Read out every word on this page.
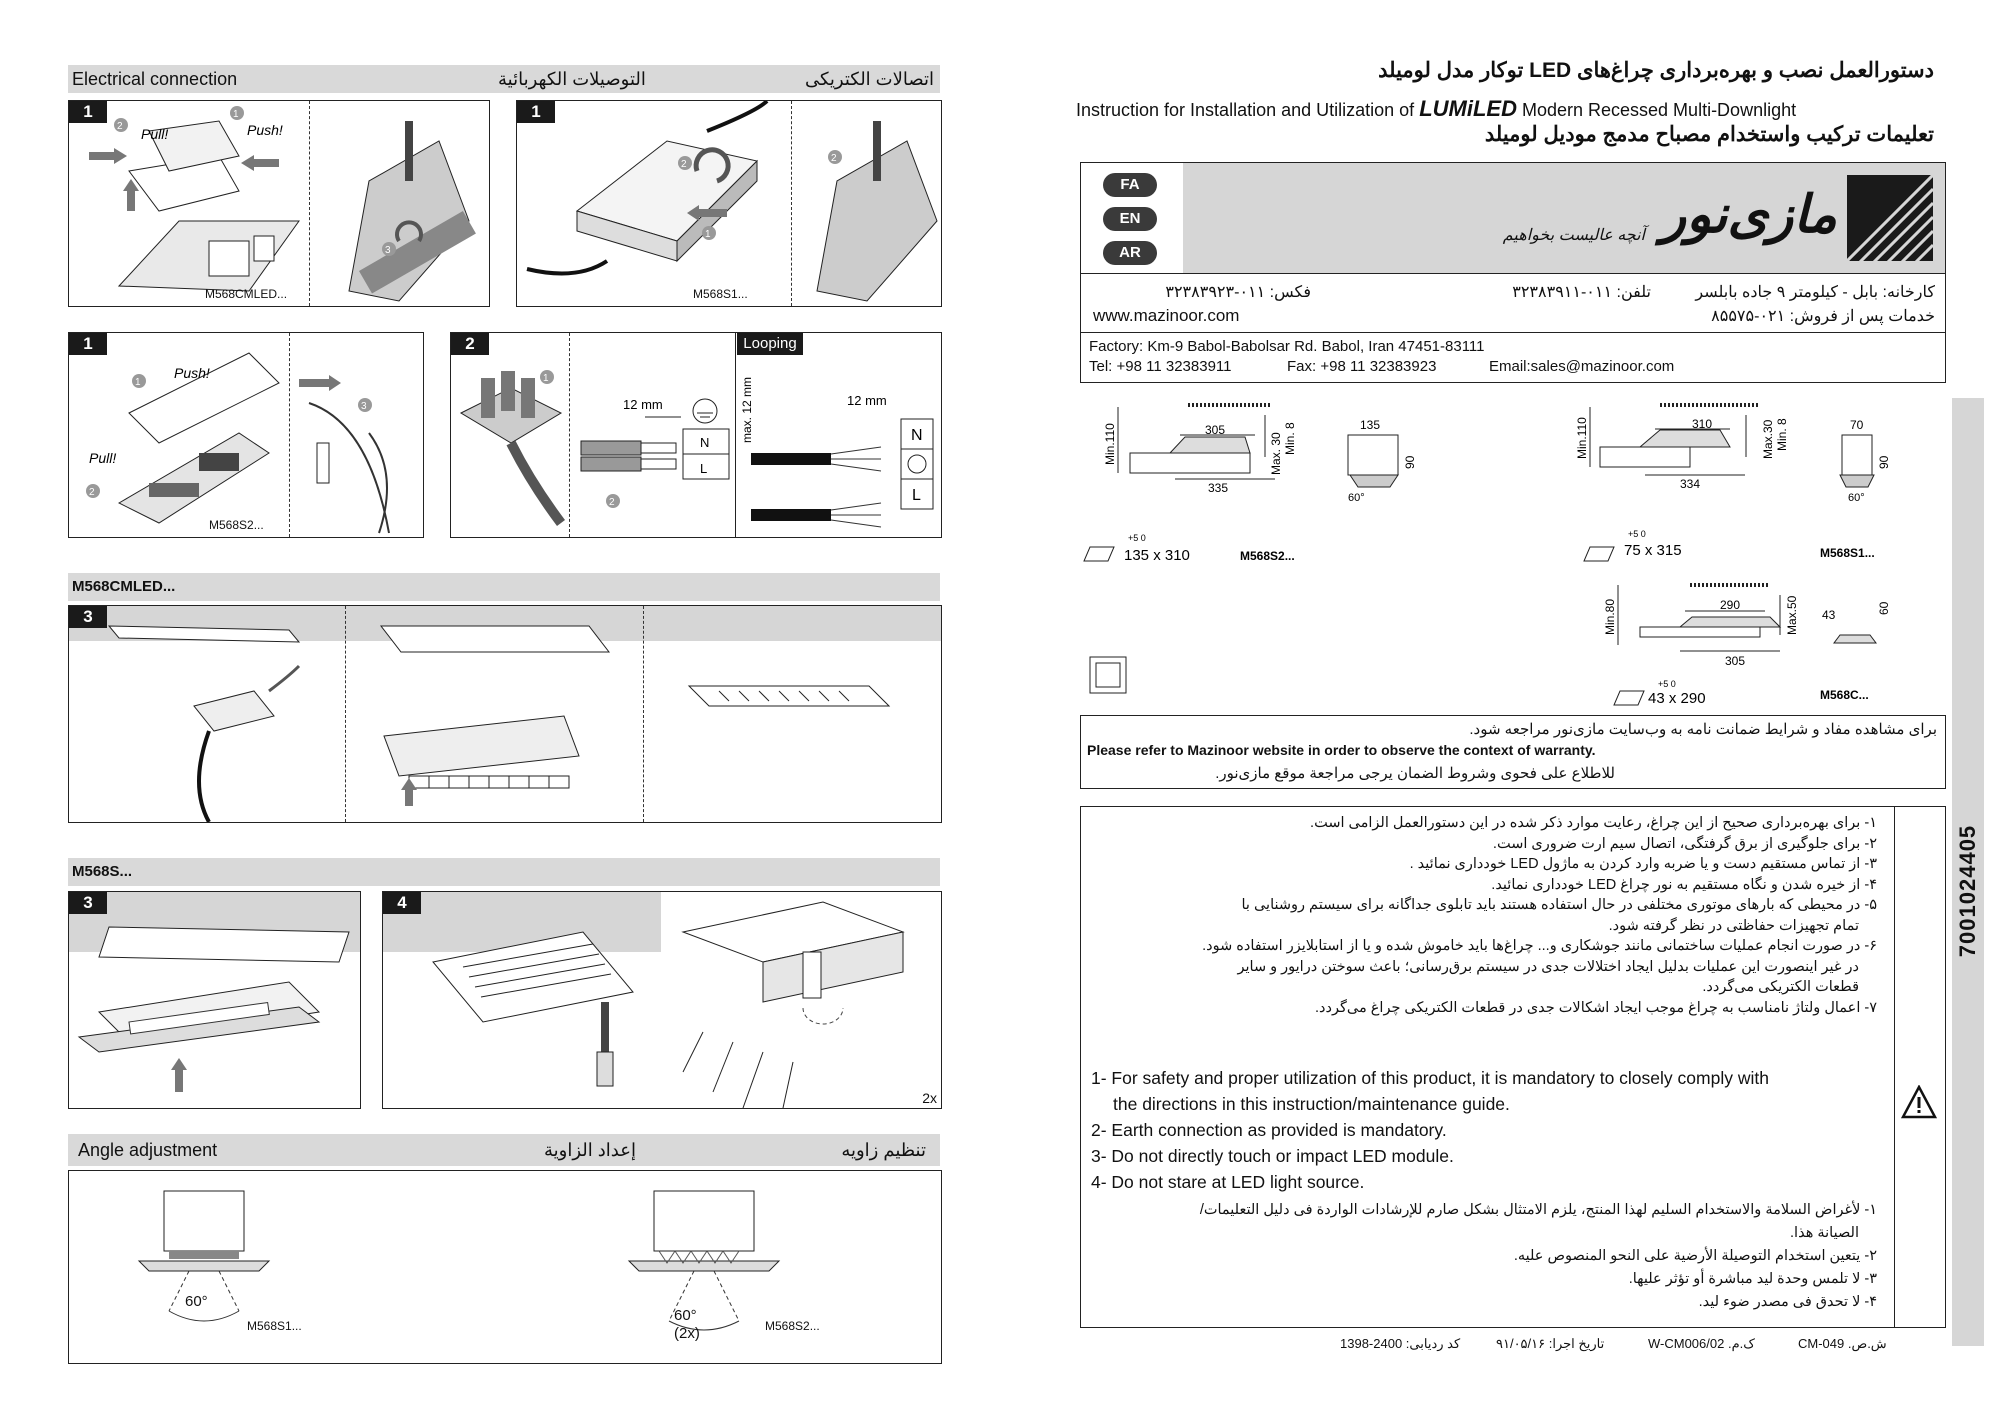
Electrical connection	التوصیلات الکهربائیة	اتصالات الکتریکی
1
2
1
Pull!	Push!
3
M568CMLED...
1
1
2
2
M568S1...
1
Push!
Pull!
1
2
3
M568S2...
2	Looping
1
N
L
12 mm
2
max. 12 mm	12 mm
N
L
M568CMLED...
3
M568S...
3	4
2x
Angle adjustment	إعداد الزاویة	تنظیم زاویه
60°
M568S1...
60°
(2x)	M568S2...
دستورالعمل نصب و بهره‌برداری چراغ‌های LED توکار مدل لومیلد
Instruction for Installation and Utilization of LUMiLED Modern Recessed Multi-Downlight
تعلیمات ترکیب واستخدام مصباح مدمج مودیل لومیلد
FA
EN
AR
مازی‌نور
آنچه عالیست بخواهیم
فکس: ۰۱۱-۳۲۳۸۳۹۲۳	تلفن: ۰۱۱-۳۲۳۸۳۹۱۱	کارخانه: بابل - کیلومتر ۹ جاده بابلسر
www.mazinoor.com	خدمات پس از فروش: ۰۲۱-۸۵۵۷۵
Factory: Km-9 Babol-Babolsar Rd. Babol, Iran 47451-83111
Tel: +98 11 32383911	Fax: +98 11 32383923	Email:sales@mazinoor.com
Min.110	305
335
Max. 30 Min. 8	135
90
60°
+5 0
135 x 310	M568S2...
Min.110	310
334
Max.30 Min. 8	70
90
60°
+5 0
75 x 315	M568S1...
Min.80	290
305
Max.50 43	60
+5 0
43 x 290	M568C...
برای مشاهده مفاد و شرایط ضمانت نامه به وب‌سایت مازی‌نور مراجعه شود.
Please refer to Mazinoor website in order to observe the context of warranty.
للاطلاع علی فحوی وشروط الضمان یرجی مراجعة موقع مازی‌نور.
۱- برای بهره‌برداری صحیح از این چراغ، رعایت موارد ذکر شده در این دستورالعمل الزامی است.
۲- برای جلوگیری از برق گرفتگی، اتصال سیم ارت ضروری است.
۳- از تماس مستقیم دست و یا ضربه وارد کردن به ماژول LED خودداری نمائید .
۴- از خیره شدن و نگاه مستقیم به نور چراغ LED خودداری نمائید.
۵- در محیطی که بارهای موتوری مختلفی در حال استفاده هستند باید تابلوی جداگانه برای سیستم روشنایی با
تمام تجهیزات حفاظتی در نظر گرفته شود.
۶- در صورت انجام عملیات ساختمانی مانند جوشکاری و... چراغ‌ها باید خاموش شده و یا از استابلایزر استفاده شود.
در غیر اینصورت این عملیات بدلیل ایجاد اختلالات جدی در سیستم برق‌رسانی؛ باعث سوختن درایور و سایر
قطعات الکتریکی می‌گردد.
۷- اعمال ولتاژ نامناسب به چراغ موجب ایجاد اشکالات جدی در قطعات الکتریکی چراغ می‌گردد.
1- For safety and proper utilization of this product, it is mandatory to closely comply with
the directions in this instruction/maintenance guide.
2- Earth connection as provided is mandatory.
3- Do not directly touch or impact LED module.
4- Do not stare at LED light source.
۱- لأغراض السلامة والاستخدام السلیم لهذا المنتج، یلزم الامتثال بشکل صارم للإرشادات الواردة فی دلیل التعلیمات/
الصیانة هذا.
۲- یتعین استخدام التوصیلة الأرضیة علی النحو المنصوص علیه.
۳- لا تلمس وحدة لید مباشرة أو تؤثر علیها.
۴- لا تحدق فی مصدر ضوء لید.
کد ردیابی: 2400-1398	تاریخ اجرا: ۹۱/۰۵/۱۶	ک.م. W-CM006/02	ش.ص. CM-049
7001024405
